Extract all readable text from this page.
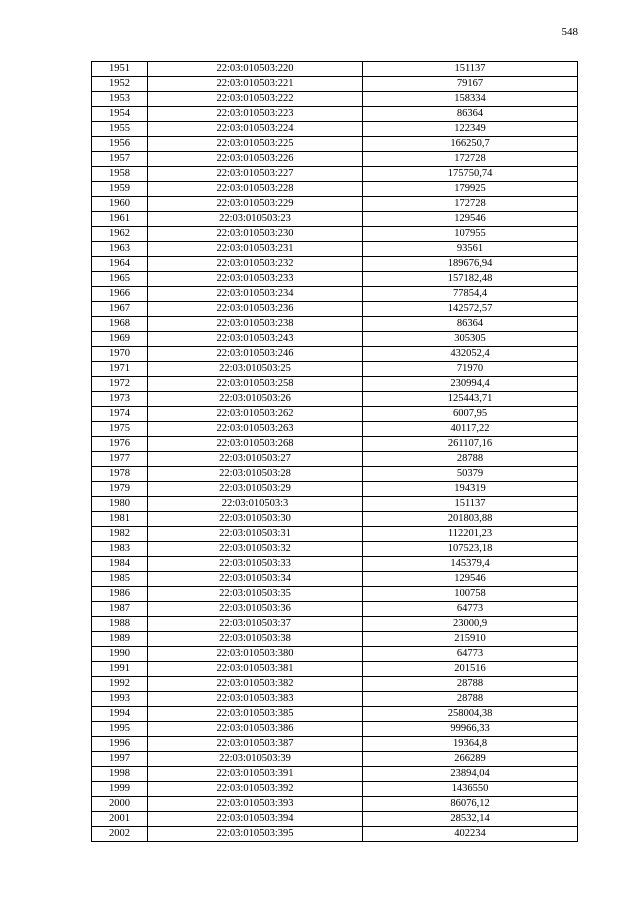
548
1951	22:03:010503:220	151137
1952	22:03:010503:221	79167
1953	22:03:010503:222	158334
1954	22:03:010503:223	86364
1955	22:03:010503:224	122349
1956	22:03:010503:225	166250,7
1957	22:03:010503:226	172728
1958	22:03:010503:227	175750,74
1959	22:03:010503:228	179925
1960	22:03:010503:229	172728
1961	22:03:010503:23	129546
1962	22:03:010503:230	107955
1963	22:03:010503:231	93561
1964	22:03:010503:232	189676,94
1965	22:03:010503:233	157182,48
1966	22:03:010503:234	77854,4
1967	22:03:010503:236	142572,57
1968	22:03:010503:238	86364
1969	22:03:010503:243	305305
1970	22:03:010503:246	432052,4
1971	22:03:010503:25	71970
1972	22:03:010503:258	230994,4
1973	22:03:010503:26	125443,71
1974	22:03:010503:262	6007,95
1975	22:03:010503:263	40117,22
1976	22:03:010503:268	261107,16
1977	22:03:010503:27	28788
1978	22:03:010503:28	50379
1979	22:03:010503:29	194319
1980	22:03:010503:3	151137
1981	22:03:010503:30	201803,88
1982	22:03:010503:31	112201,23
1983	22:03:010503:32	107523,18
1984	22:03:010503:33	145379,4
1985	22:03:010503:34	129546
1986	22:03:010503:35	100758
1987	22:03:010503:36	64773
1988	22:03:010503:37	23000,9
1989	22:03:010503:38	215910
1990	22:03:010503:380	64773
1991	22:03:010503:381	201516
1992	22:03:010503:382	28788
1993	22:03:010503:383	28788
1994	22:03:010503:385	258004,38
1995	22:03:010503:386	99966,33
1996	22:03:010503:387	19364,8
1997	22:03:010503:39	266289
1998	22:03:010503:391	23894,04
1999	22:03:010503:392	1436550
2000	22:03:010503:393	86076,12
2001	22:03:010503:394	28532,14
2002	22:03:010503:395	402234
